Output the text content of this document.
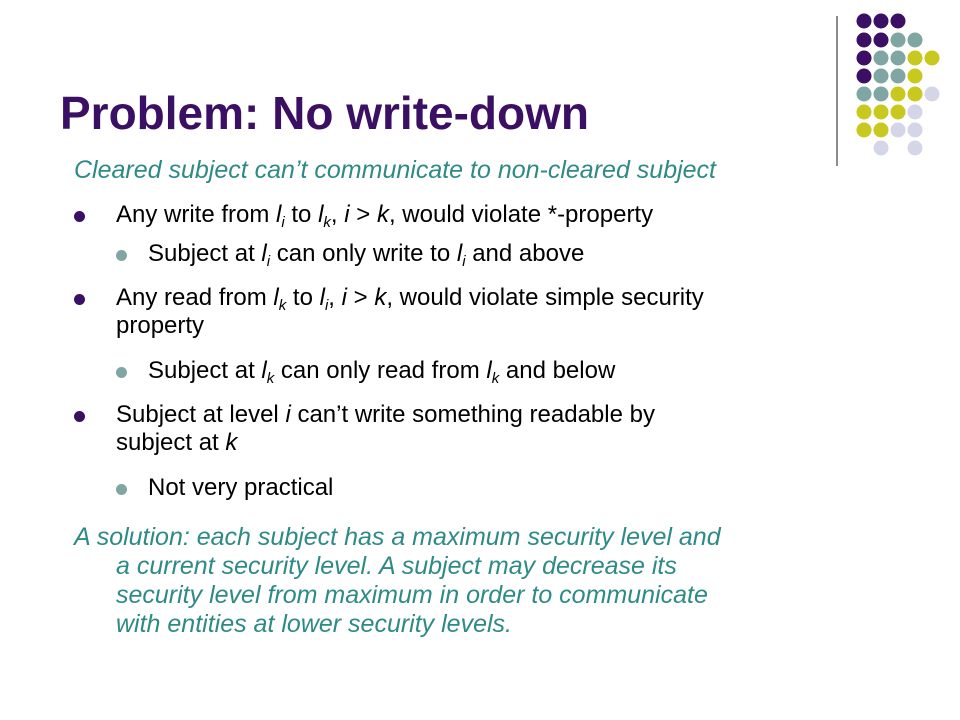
Problem: No write-down
Cleared subject can’t communicate to non-cleared subject
Any write from $l_i$ to $l_k$, i > k, would violate *-property
Subject at $l_i$ can only write to $l_i$ and above
Any read from $l_k$ to $l_i$, i > k, would violate simple security
property
Subject at $l_k$ can only read from $l_k$ and below
Subject at level i can’t write something readable by
subject at k
Not very practical
A solution: each subject has a maximum security level and
a current security level. A subject may decrease its
security level from maximum in order to communicate
with entities at lower security levels.
